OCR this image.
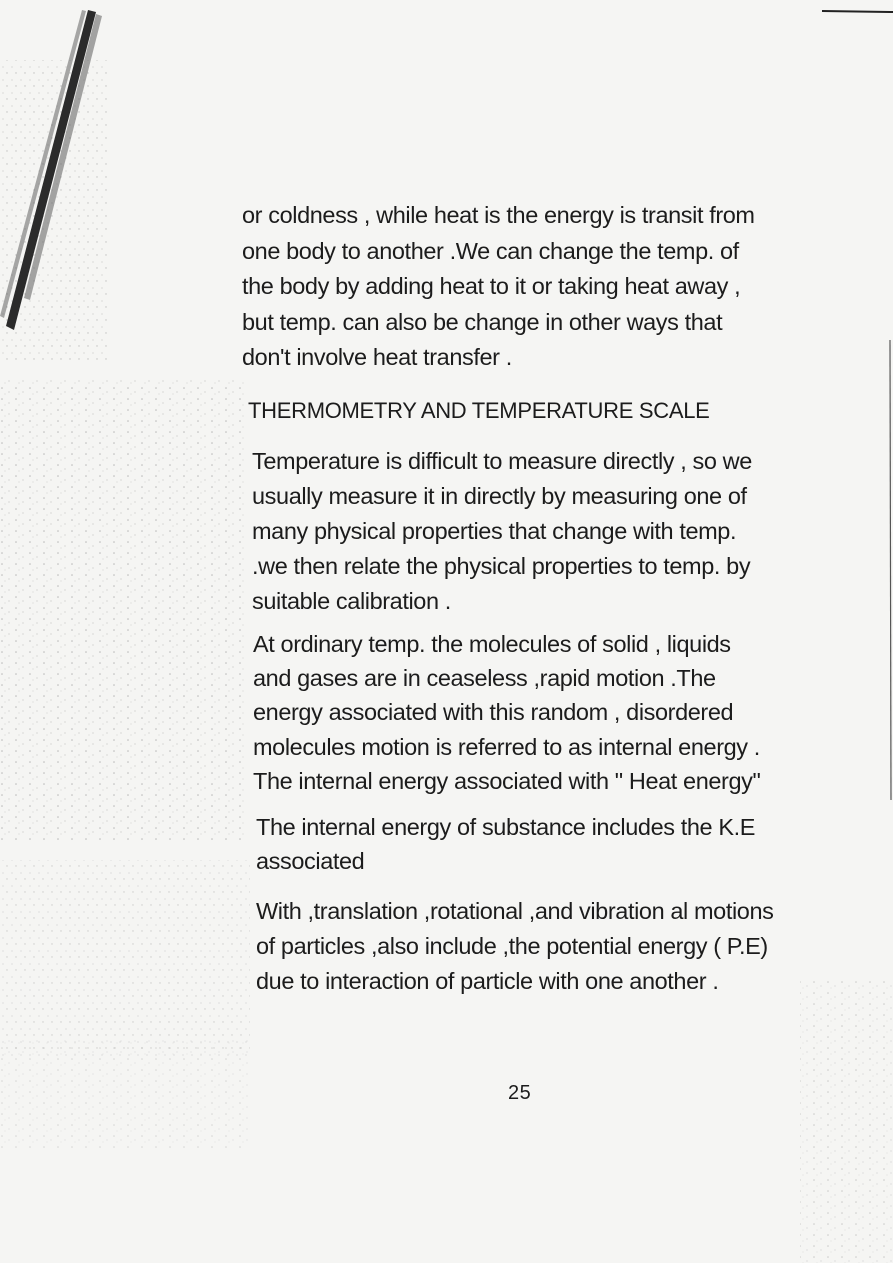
or coldness , while heat is the energy is transit from
one body to another .We can change the temp. of
the body by adding heat to it or taking heat away ,
but temp. can also be change in other ways that
don't involve heat transfer .
THERMOMETRY AND TEMPERATURE SCALE
Temperature is difficult to measure directly , so we
usually measure it in directly by measuring one of
many physical properties that change with temp.
.we then relate the physical properties to temp. by
suitable calibration .
At ordinary temp. the molecules of solid , liquids
and gases are in ceaseless ,rapid motion .The
energy associated with this random , disordered
molecules motion is referred to as internal energy .
The internal energy associated with " Heat energy"
The internal energy of substance includes the K.E
associated
With ,translation ,rotational ,and vibration al motions
of particles ,also include ,the potential energy ( P.E)
due to interaction of particle with one another .
25
